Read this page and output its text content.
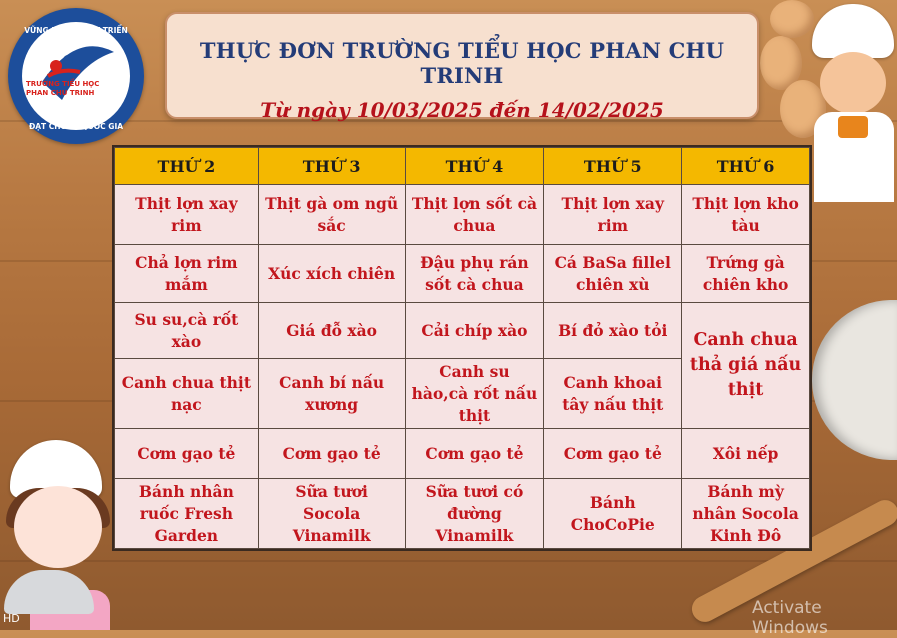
VỮNG BƯỚC PHÁT TRIỂN
TRƯỜNG TIỂU HỌC
PHAN CHU TRINH
ĐẠT CHUẨN QUỐC GIA
THỰC ĐƠN TRƯỜNG TIỂU HỌC PHAN CHU TRINH
Từ ngày 10/03/2025 đến 14/02/2025
THỨ 2	THỨ 3	THỨ 4	THỨ 5	THỨ 6
Thịt lợn xay rim	Thịt gà om ngũ sắc	Thịt lợn sốt cà chua	Thịt lợn xay rim	Thịt lợn kho tàu
Chả lợn rim mắm	Xúc xích chiên	Đậu phụ rán sốt cà chua	Cá BaSa fillel chiên xù	Trứng gà chiên kho
Su su,cà rốt xào	Giá đỗ xào	Cải chíp xào	Bí đỏ xào tỏi	Canh chua thả giá nấu thịt
Canh chua thịt nạc	Canh bí nấu xương	Canh su hào,cà rốt nấu thịt	Canh khoai tây nấu thịt	
Cơm gạo tẻ	Cơm gạo tẻ	Cơm gạo tẻ	Cơm gạo tẻ	Xôi nếp
Bánh nhân ruốc Fresh Garden	Sữa tươi Socola Vinamilk	Sữa tươi có đường Vinamilk	Bánh ChoCoPie	Bánh mỳ nhân Socola Kinh Đô
Activate Windows
HD
